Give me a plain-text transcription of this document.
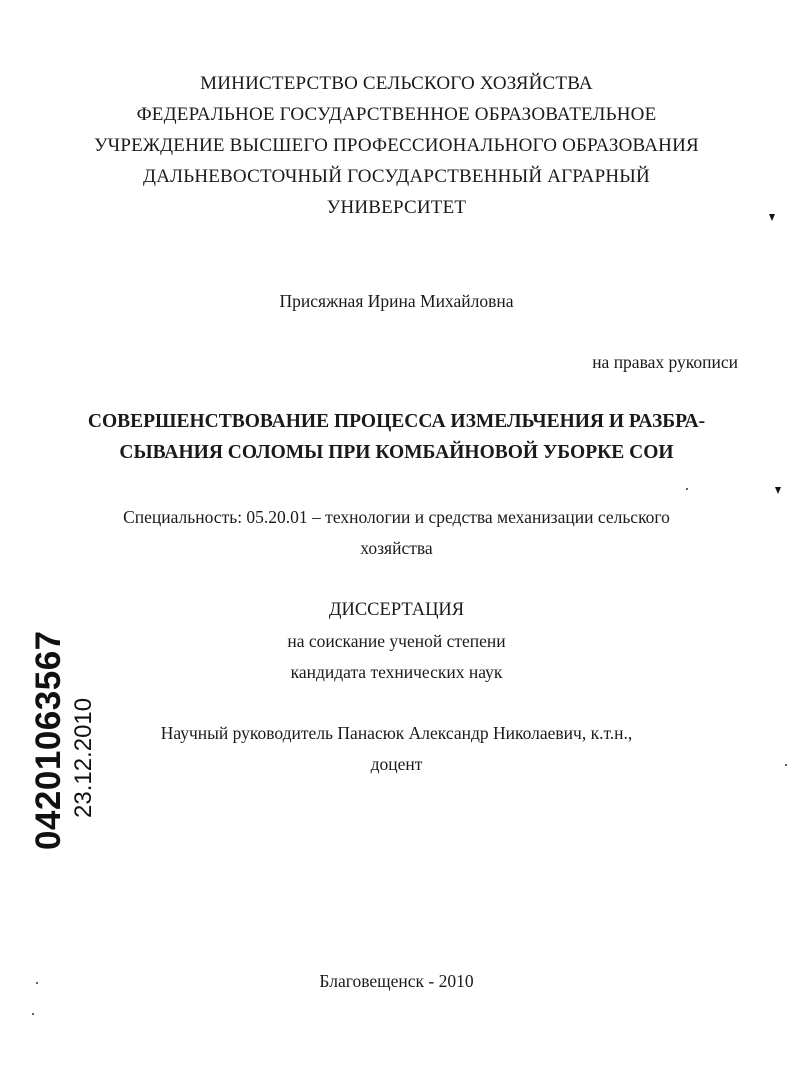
МИНИСТЕРСТВО СЕЛЬСКОГО ХОЗЯЙСТВА
ФЕДЕРАЛЬНОЕ ГОСУДАРСТВЕННОЕ ОБРАЗОВАТЕЛЬНОЕ
УЧРЕЖДЕНИЕ ВЫСШЕГО ПРОФЕССИОНАЛЬНОГО ОБРАЗОВАНИЯ
ДАЛЬНЕВОСТОЧНЫЙ ГОСУДАРСТВЕННЫЙ АГРАРНЫЙ
УНИВЕРСИТЕТ
Присяжная Ирина Михайловна
на правах рукописи
СОВЕРШЕНСТВОВАНИЕ ПРОЦЕССА ИЗМЕЛЬЧЕНИЯ И РАЗБРА-
СЫВАНИЯ СОЛОМЫ ПРИ КОМБАЙНОВОЙ УБОРКЕ СОИ
Специальность: 05.20.01 – технологии и средства механизации сельского
хозяйства
ДИССЕРТАЦИЯ
на соискание ученой степени
кандидата технических наук
Научный руководитель Панасюк Александр Николаевич, к.т.н.,
доцент
Благовещенск - 2010
04201063567 23.12.2010
